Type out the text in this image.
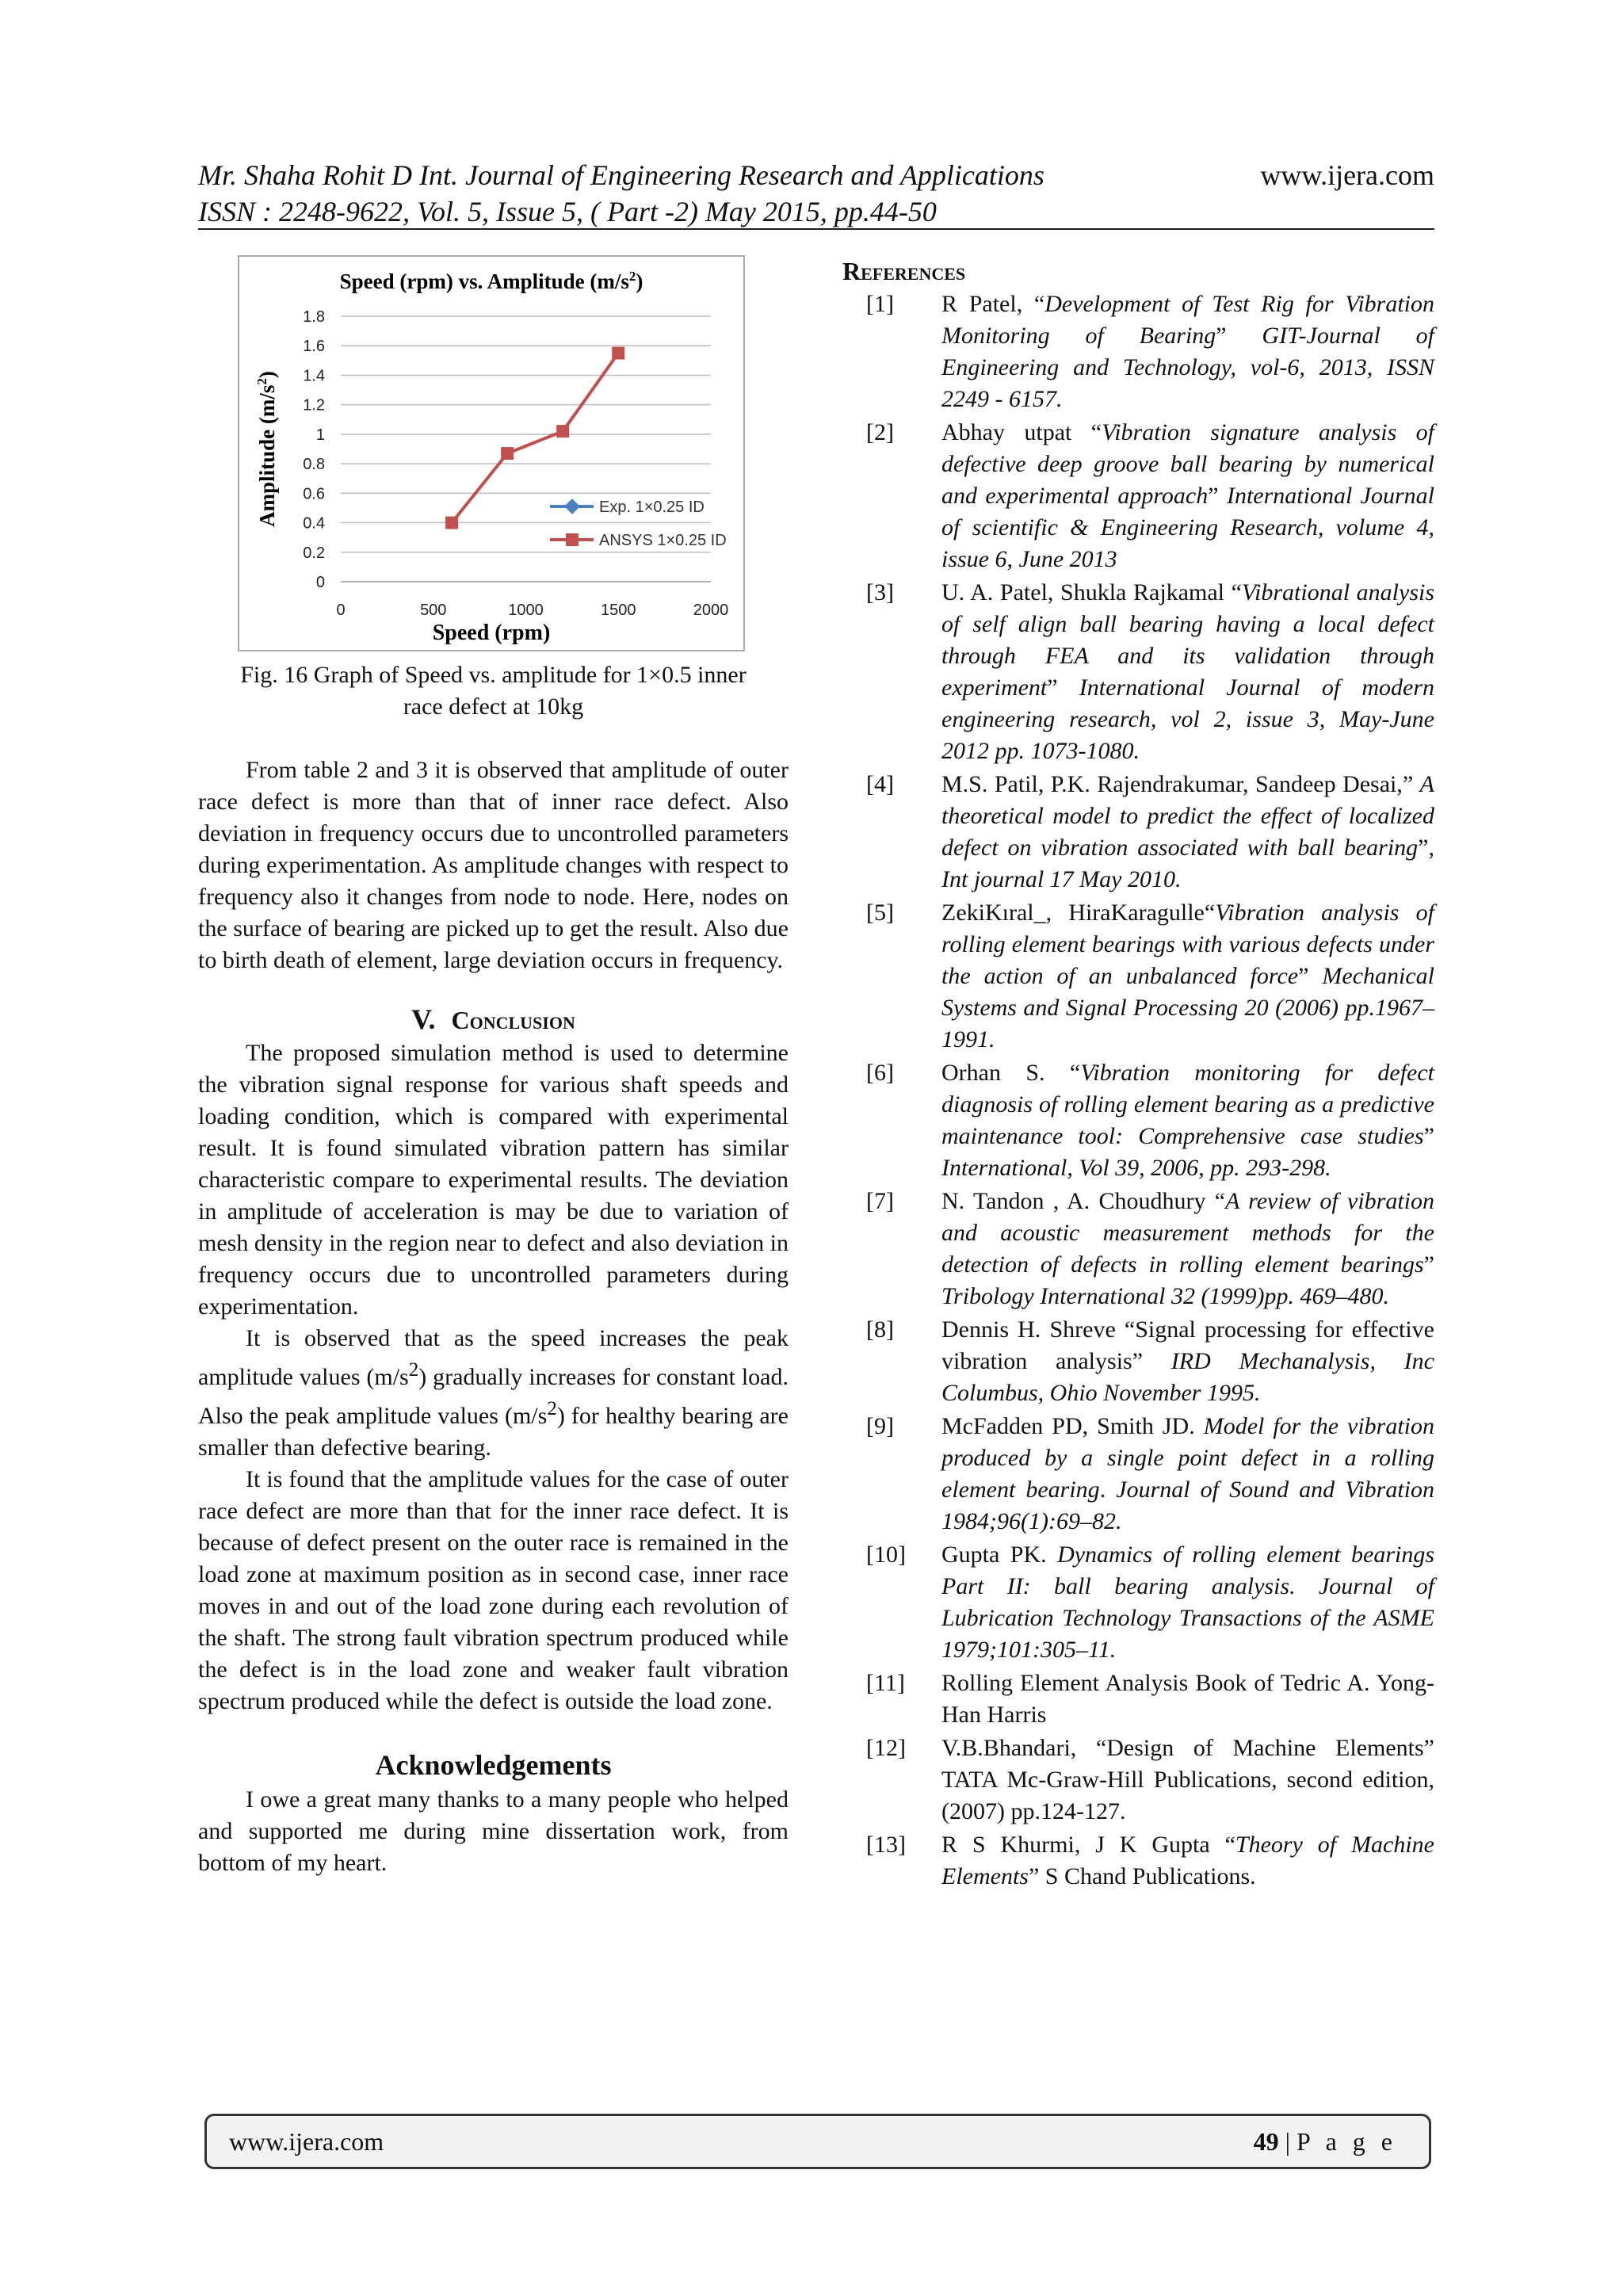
Mr. Shaha Rohit D Int. Journal of Engineering Research and Applications
ISSN : 2248-9622, Vol. 5, Issue 5, ( Part -2) May 2015, pp.44-50
www.ijera.com
Speed (rpm) vs. Amplitude $(m/s^2)$
0
0.2
0.4
0.6
0.8
1
1.2
1.4
1.6
1.8
0	500	1000	1500	2000
Speed (rpm)
Amplitude $(m/s^2)$
Exp. 1×0.25 ID
ANSYS 1×0.25 ID
Fig. 16 Graph of Speed vs. amplitude for 1×0.5 inner
race defect at 10kg

From table 2 and 3 it is observed that amplitude of outer race defect is more than that of inner race defect. Also deviation in frequency occurs due to uncontrolled parameters during experimentation. As amplitude changes with respect to frequency also it changes from node to node. Here, nodes on the surface of bearing are picked up to get the result. Also due to birth death of element, large deviation occurs in frequency.

V. Conclusion

The proposed simulation method is used to determine the vibration signal response for various shaft speeds and loading condition, which is compared with experimental result. It is found simulated vibration pattern has similar characteristic compare to experimental results. The deviation in amplitude of acceleration is may be due to variation of mesh density in the region near to defect and also deviation in frequency occurs due to uncontrolled parameters during experimentation.

It is observed that as the speed increases the peak amplitude values $(m/s^2)$ gradually increases for constant load. Also the peak amplitude values $(m/s^2)$ for healthy bearing are smaller than defective bearing.

It is found that the amplitude values for the case of outer race defect are more than that for the inner race defect. It is because of defect present on the outer race is remained in the load zone at maximum position as in second case, inner race moves in and out of the load zone during each revolution of the shaft. The strong fault vibration spectrum produced while the defect is in the load zone and weaker fault vibration spectrum produced while the defect is outside the load zone.

Acknowledgements

I owe a great many thanks to a many people who helped and supported me during mine dissertation work, from bottom of my heart.

References
[1]	R Patel, “Development of Test Rig for Vibration Monitoring of Bearing” GIT-Journal of Engineering and Technology, vol-6, 2013, ISSN 2249 - 6157.
[2]	Abhay utpat “Vibration signature analysis of defective deep groove ball bearing by numerical and experimental approach” International Journal of scientific & Engineering Research, volume 4, issue 6, June 2013
[3]	U. A. Patel, Shukla Rajkamal “Vibrational analysis of self align ball bearing having a local defect through FEA and its validation through experiment” International Journal of modern engineering research, vol 2, issue 3, May-June 2012 pp. 1073-1080.
[4]	M.S. Patil, P.K. Rajendrakumar, Sandeep Desai,” A theoretical model to predict the effect of localized defect on vibration associated with ball bearing”, Int journal 17 May 2010.
[5]	ZekiKıral_, HiraKaragulle“Vibration analysis of rolling element bearings with various defects under the action of an unbalanced force” Mechanical Systems and Signal Processing 20 (2006) pp.1967–1991.
[6]	Orhan S. “Vibration monitoring for defect diagnosis of rolling element bearing as a predictive maintenance tool: Comprehensive case studies” International, Vol 39, 2006, pp. 293-298.
[7]	N. Tandon , A. Choudhury “A review of vibration and acoustic measurement methods for the detection of defects in rolling element bearings” Tribology International 32 (1999)pp. 469–480.
[8]	Dennis H. Shreve “Signal processing for effective vibration analysis” IRD Mechanalysis, Inc Columbus, Ohio November 1995.
[9]	McFadden PD, Smith JD. Model for the vibration produced by a single point defect in a rolling element bearing. Journal of Sound and Vibration 1984;96(1):69–82.
[10]	Gupta PK. Dynamics of rolling element bearings Part II: ball bearing analysis. Journal of Lubrication Technology Transactions of the ASME 1979;101:305–11.
[11]	Rolling Element Analysis Book of Tedric A. Yong-Han Harris
[12]	V.B.Bhandari, “Design of Machine Elements” TATA Mc-Graw-Hill Publications, second edition, (2007) pp.124-127.
[13]	R S Khurmi, J K Gupta “Theory of Machine Elements” S Chand Publications.
www.ijera.com	49 | P a g e
